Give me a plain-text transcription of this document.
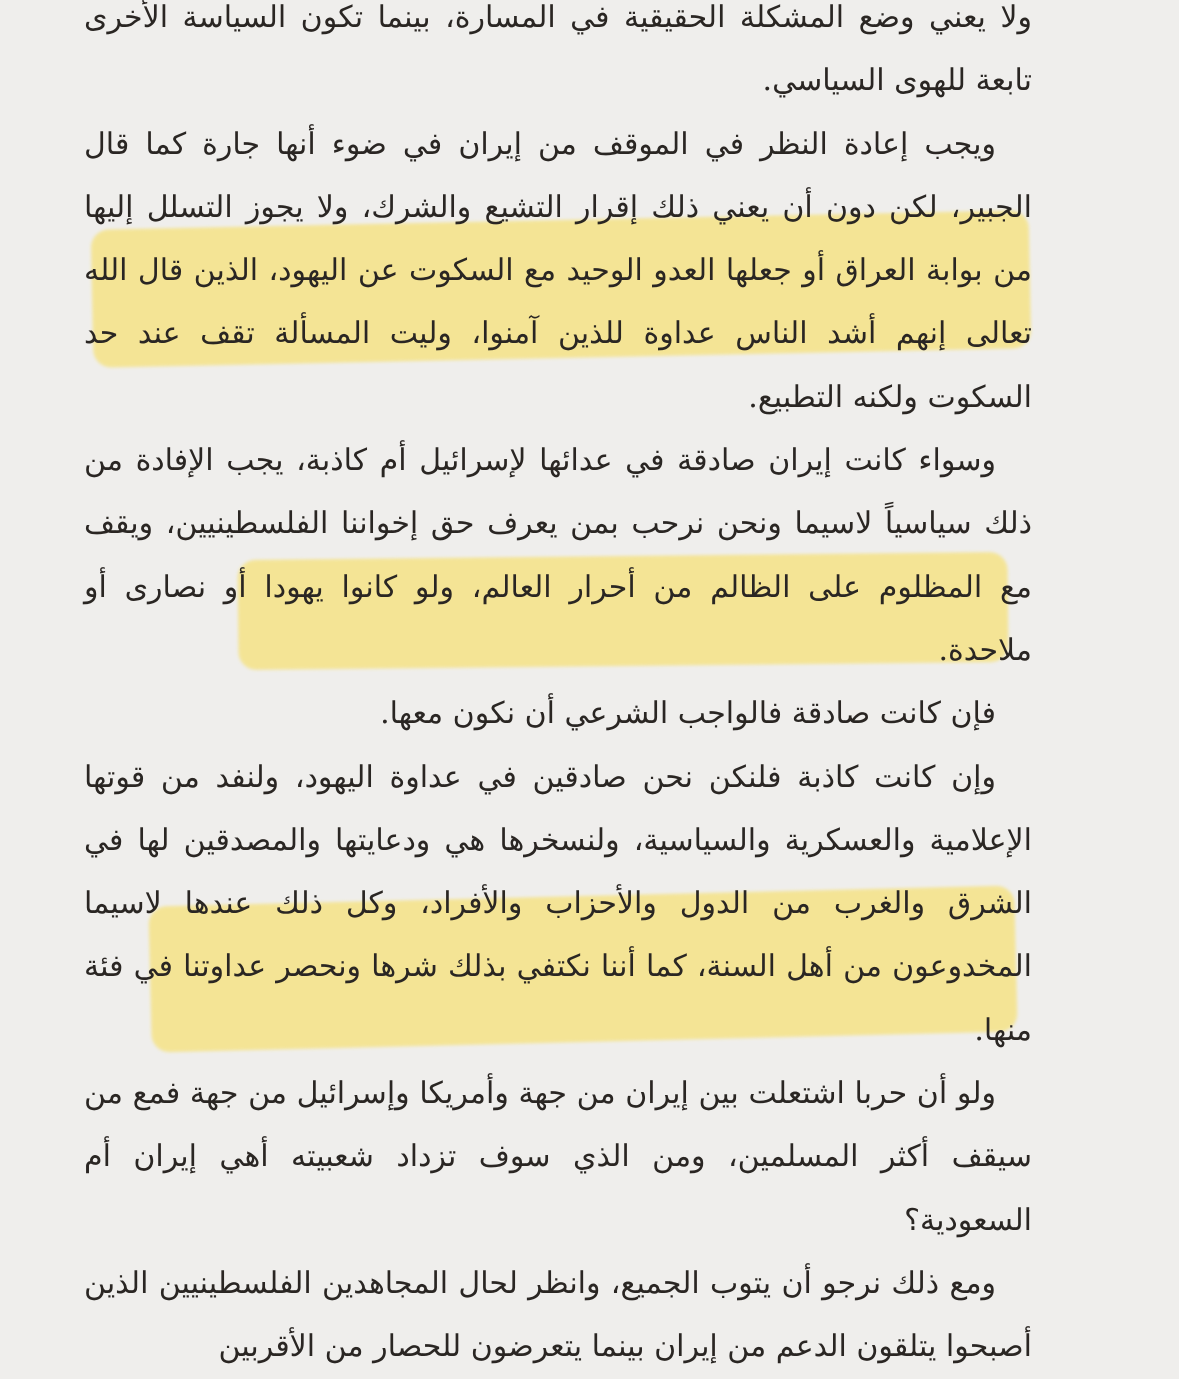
ولا يعني وضع المشكلة الحقيقية في المسارة، بينما تكون السياسة الأخرى تابعة للهوى السياسي.

ويجب إعادة النظر في الموقف من إيران في ضوء أنها جارة كما قال الجبير، لكن دون أن يعني ذلك إقرار التشيع والشرك، ولا يجوز التسلل إليها من بوابة العراق أو جعلها العدو الوحيد مع السكوت عن اليهود، الذين قال الله تعالى إنهم أشد الناس عداوة للذين آمنوا، وليت المسألة تقف عند حد السكوت ولكنه التطبيع.

وسواء كانت إيران صادقة في عدائها لإسرائيل أم كاذبة، يجب الإفادة من ذلك سياسياً لاسيما ونحن نرحب بمن يعرف حق إخواننا الفلسطينيين، ويقف مع المظلوم على الظالم من أحرار العالم، ولو كانوا يهودا أو نصارى أو ملاحدة.

فإن كانت صادقة فالواجب الشرعي أن نكون معها.

وإن كانت كاذبة فلنكن نحن صادقين في عداوة اليهود، ولنفد من قوتها الإعلامية والعسكرية والسياسية، ولنسخرها هي ودعايتها والمصدقين لها في الشرق والغرب من الدول والأحزاب والأفراد، وكل ذلك عندها لاسيما المخدوعون من أهل السنة، كما أننا نكتفي بذلك شرها ونحصر عداوتنا في فئة منها.

ولو أن حربا اشتعلت بين إيران من جهة وأمريكا وإسرائيل من جهة فمع من سيقف أكثر المسلمين، ومن الذي سوف تزداد شعبيته أهي إيران أم السعودية؟

ومع ذلك نرجو أن يتوب الجميع، وانظر لحال المجاهدين الفلسطينيين الذين أصبحوا يتلقون الدعم من إيران بينما يتعرضون للحصار من الأقربين
